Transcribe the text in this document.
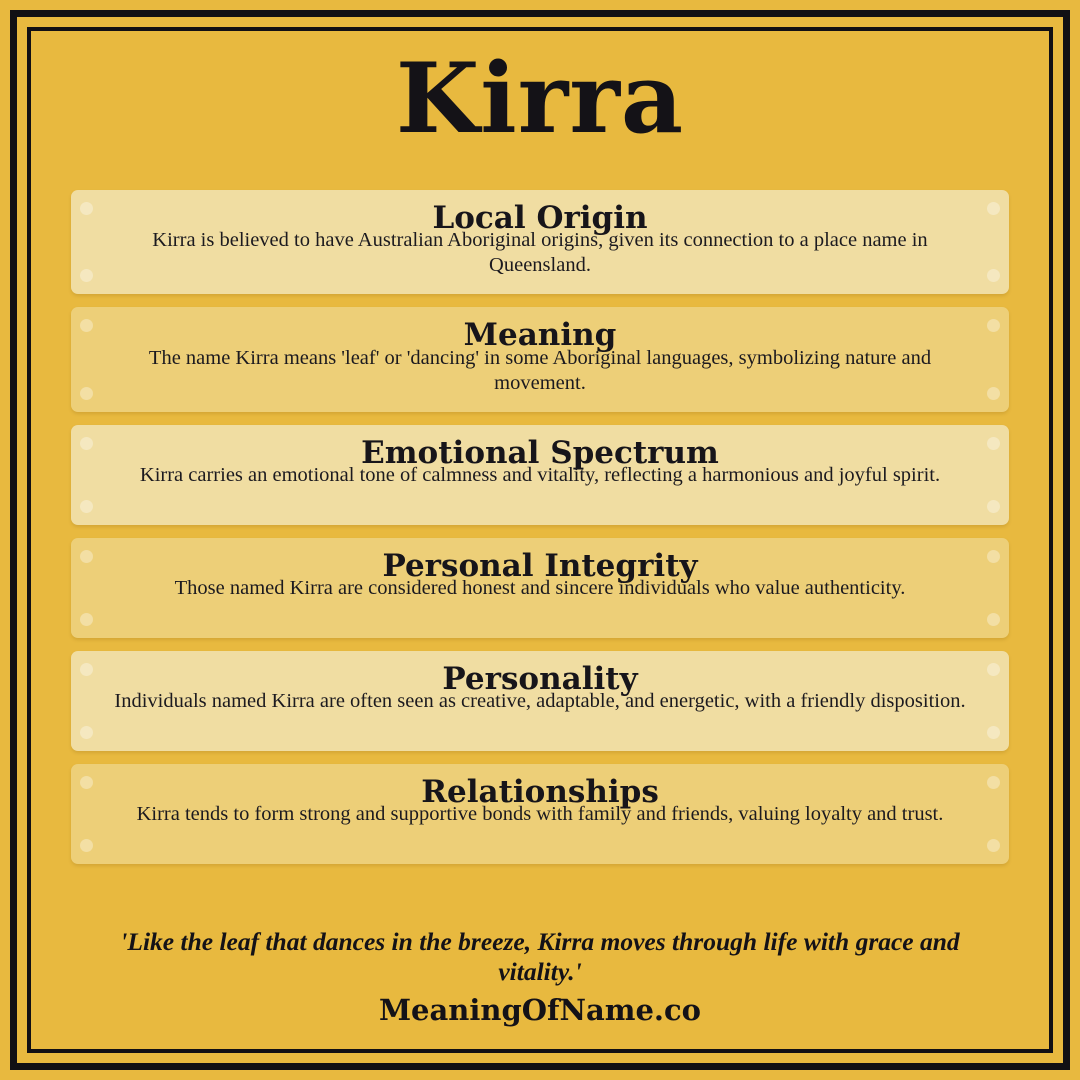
Kirra
Local Origin
Kirra is believed to have Australian Aboriginal origins, given its connection to a place name in Queensland.
Meaning
The name Kirra means 'leaf' or 'dancing' in some Aboriginal languages, symbolizing nature and movement.
Emotional Spectrum
Kirra carries an emotional tone of calmness and vitality, reflecting a harmonious and joyful spirit.
Personal Integrity
Those named Kirra are considered honest and sincere individuals who value authenticity.
Personality
Individuals named Kirra are often seen as creative, adaptable, and energetic, with a friendly disposition.
Relationships
Kirra tends to form strong and supportive bonds with family and friends, valuing loyalty and trust.
'Like the leaf that dances in the breeze, Kirra moves through life with grace and vitality.'
MeaningOfName.co
